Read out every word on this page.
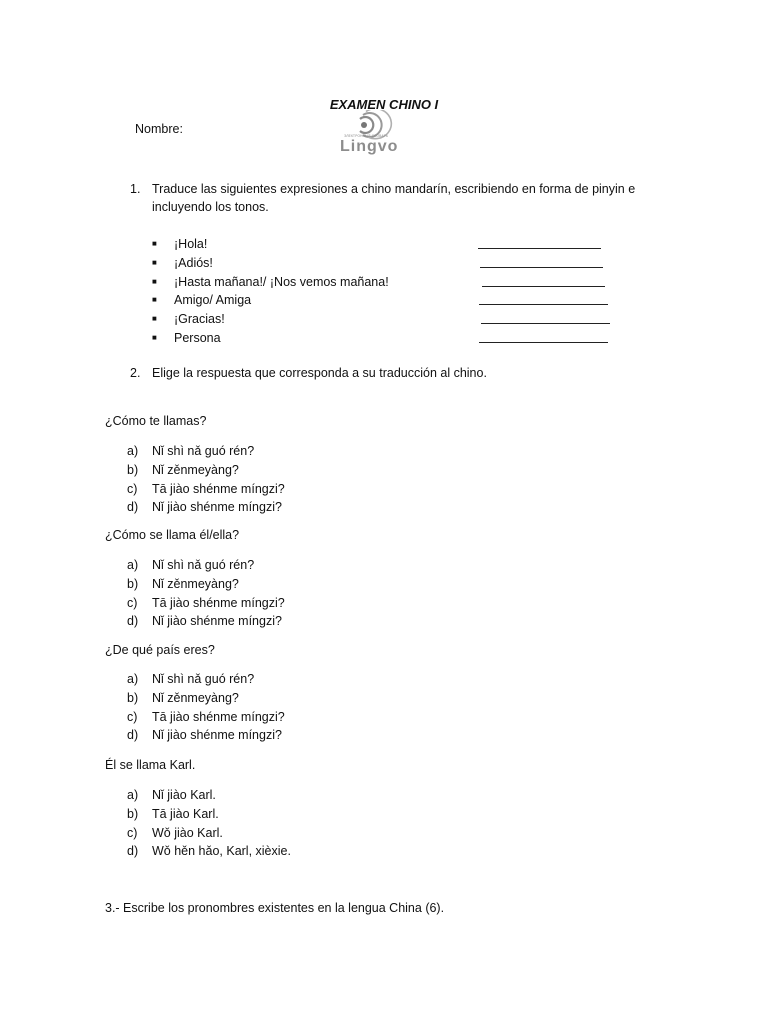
EXAMEN CHINO I
Nombre:	ЭЛЕКТРОННЫЙ СЛОВАРЬ
Lingvo
1. Traduce las siguientes expresiones a chino mandarín, escribiendo en forma de pinyin e incluyendo los tonos.
■ ¡Hola!
■ ¡Adiós!
■ ¡Hasta mañana!/ ¡Nos vemos mañana!
■ Amigo/ Amiga
■ ¡Gracias!
■ Persona
2. Elige la respuesta que corresponda a su traducción al chino.
¿Cómo te llamas?
a) Nǐ shì nǎ guó rén?
b) Nǐ zěnmeyàng?
c) Tā jiào shénme míngzi?
d) Nǐ jiào shénme míngzi?
¿Cómo se llama él/ella?
a) Nǐ shì nǎ guó rén?
b) Nǐ zěnmeyàng?
c) Tā jiào shénme míngzi?
d) Nǐ jiào shénme míngzi?
¿De qué país eres?
a) Nǐ shì nǎ guó rén?
b) Nǐ zěnmeyàng?
c) Tā jiào shénme míngzi?
d) Nǐ jiào shénme míngzi?
Él se llama Karl.
a) Nǐ jiào Karl.
b) Tā jiào Karl.
c) Wǒ jiào Karl.
d) Wǒ hěn hǎo, Karl, xièxie.
3.- Escribe los pronombres existentes en la lengua China (6).
